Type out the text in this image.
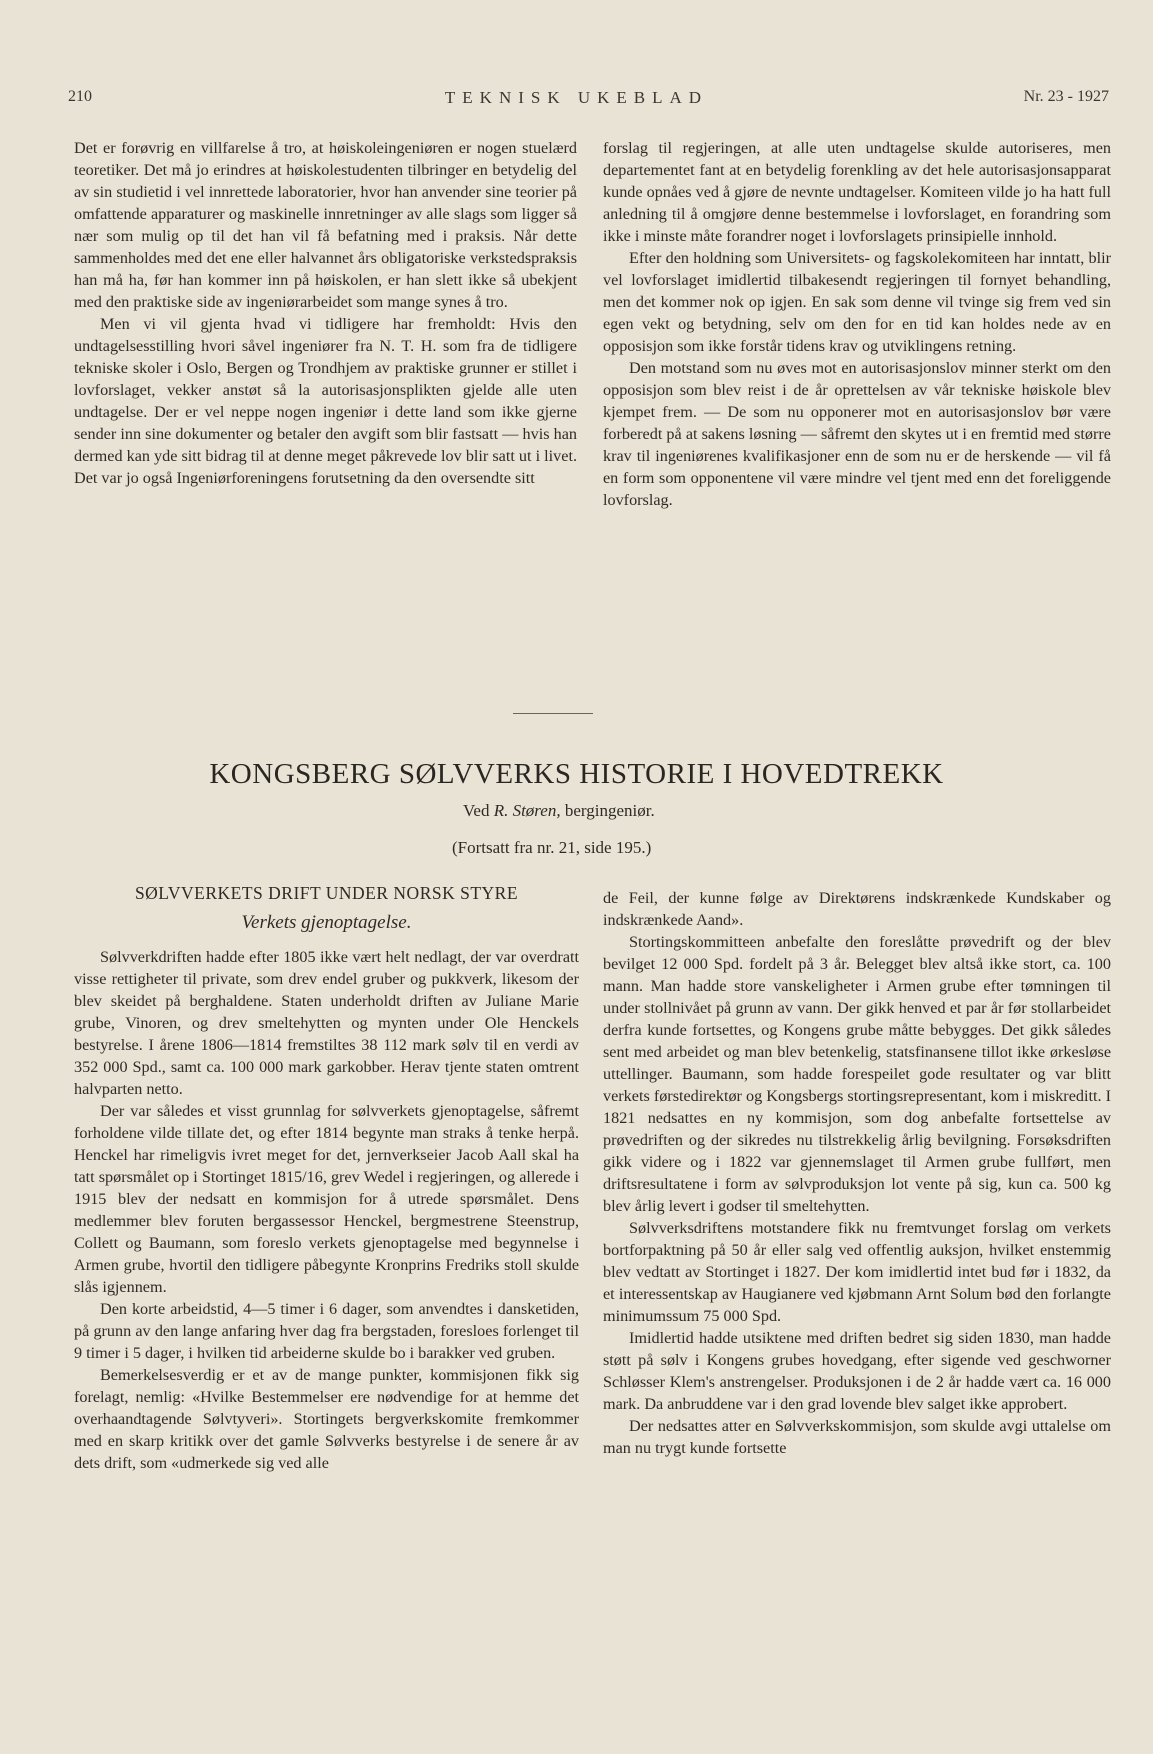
210	TEKNISK UKEBLAD	Nr. 23 - 1927

Det er forøvrig en villfarelse å tro, at høiskoleingeniøren er nogen stuelærd teoretiker. Det må jo erindres at høiskolestudenten tilbringer en betydelig del av sin studietid i vel innrettede laboratorier, hvor han anvender sine teorier på omfattende apparaturer og maskinelle innretninger av alle slags som ligger så nær som mulig op til det han vil få befatning med i praksis. Når dette sammenholdes med det ene eller halvannet års obligatoriske verkstedspraksis han må ha, før han kommer inn på høiskolen, er han slett ikke så ubekjent med den praktiske side av ingeniørarbeidet som mange synes å tro.

Men vi vil gjenta hvad vi tidligere har fremholdt: Hvis den undtagelsesstilling hvori såvel ingeniører fra N. T. H. som fra de tidligere tekniske skoler i Oslo, Bergen og Trondhjem av praktiske grunner er stillet i lovforslaget, vekker anstøt så la autorisasjonsplikten gjelde alle uten undtagelse. Der er vel neppe nogen ingeniør i dette land som ikke gjerne sender inn sine dokumenter og betaler den avgift som blir fastsatt — hvis han dermed kan yde sitt bidrag til at denne meget påkrevede lov blir satt ut i livet. Det var jo også Ingeniørforeningens forutsetning da den oversendte sitt

forslag til regjeringen, at alle uten undtagelse skulde autoriseres, men departementet fant at en betydelig forenkling av det hele autorisasjonsapparat kunde opnåes ved å gjøre de nevnte undtagelser. Komiteen vilde jo ha hatt full anledning til å omgjøre denne bestemmelse i lovforslaget, en forandring som ikke i minste måte forandrer noget i lovforslagets prinsipielle innhold.

Efter den holdning som Universitets- og fagskolekomiteen har inntatt, blir vel lovforslaget imidlertid tilbakesendt regjeringen til fornyet behandling, men det kommer nok op igjen. En sak som denne vil tvinge sig frem ved sin egen vekt og betydning, selv om den for en tid kan holdes nede av en opposisjon som ikke forstår tidens krav og utviklingens retning.

Den motstand som nu øves mot en autorisasjonslov minner sterkt om den opposisjon som blev reist i de år oprettelsen av vår tekniske høiskole blev kjempet frem. — De som nu opponerer mot en autorisasjonslov bør være forberedt på at sakens løsning — såfremt den skytes ut i en fremtid med større krav til ingeniørenes kvalifikasjoner enn de som nu er de herskende — vil få en form som opponentene vil være mindre vel tjent med enn det foreliggende lovforslag.

KONGSBERG SØLVVERKS HISTORIE I HOVEDTREKK
Ved R. Støren, bergingeniør.
(Fortsatt fra nr. 21, side 195.)
SØLVVERKETS DRIFT UNDER NORSK STYRE
Verkets gjenoptagelse.

Sølvverkdriften hadde efter 1805 ikke vært helt nedlagt, der var overdratt visse rettigheter til private, som drev endel gruber og pukkverk, likesom der blev skeidet på berghaldene. Staten underholdt driften av Juliane Marie grube, Vinoren, og drev smeltehytten og mynten under Ole Henckels bestyrelse. I årene 1806—1814 fremstiltes 38 112 mark sølv til en verdi av 352 000 Spd., samt ca. 100 000 mark garkobber. Herav tjente staten omtrent halvparten netto.

Der var således et visst grunnlag for sølvverkets gjenoptagelse, såfremt forholdene vilde tillate det, og efter 1814 begynte man straks å tenke herpå. Henckel har rimeligvis ivret meget for det, jernverkseier Jacob Aall skal ha tatt spørsmålet op i Stortinget 1815/16, grev Wedel i regjeringen, og allerede i 1915 blev der nedsatt en kommisjon for å utrede spørsmålet. Dens medlemmer blev foruten bergassessor Henckel, bergmestrene Steenstrup, Collett og Baumann, som foreslo verkets gjenoptagelse med begynnelse i Armen grube, hvortil den tidligere påbegynte Kronprins Fredriks stoll skulde slås igjennem.

Den korte arbeidstid, 4—5 timer i 6 dager, som anvendtes i dansketiden, på grunn av den lange anfaring hver dag fra bergstaden, foresloes forlenget til 9 timer i 5 dager, i hvilken tid arbeiderne skulde bo i barakker ved gruben.

Bemerkelsesverdig er et av de mange punkter, kommisjonen fikk sig forelagt, nemlig: «Hvilke Bestemmelser ere nødvendige for at hemme det overhaandtagende Sølvtyveri». Stortingets bergverkskomite fremkommer med en skarp kritikk over det gamle Sølvverks bestyrelse i de senere år av dets drift, som «udmerkede sig ved alle

de Feil, der kunne følge av Direktørens indskrænkede Kundskaber og indskrænkede Aand».

Stortingskommitteen anbefalte den foreslåtte prøvedrift og der blev bevilget 12 000 Spd. fordelt på 3 år. Belegget blev altså ikke stort, ca. 100 mann. Man hadde store vanskeligheter i Armen grube efter tømningen til under stollnivået på grunn av vann. Der gikk henved et par år før stollarbeidet derfra kunde fortsettes, og Kongens grube måtte bebygges. Det gikk således sent med arbeidet og man blev betenkelig, statsfinansene tillot ikke ørkesløse uttellinger. Baumann, som hadde forespeilet gode resultater og var blitt verkets førstedirektør og Kongsbergs stortingsrepresentant, kom i miskreditt. I 1821 nedsattes en ny kommisjon, som dog anbefalte fortsettelse av prøvedriften og der sikredes nu tilstrekkelig årlig bevilgning. Forsøksdriften gikk videre og i 1822 var gjennemslaget til Armen grube fullført, men driftsresultatene i form av sølvproduksjon lot vente på sig, kun ca. 500 kg blev årlig levert i godser til smeltehytten.

Sølvverksdriftens motstandere fikk nu fremtvunget forslag om verkets bortforpaktning på 50 år eller salg ved offentlig auksjon, hvilket enstemmig blev vedtatt av Stortinget i 1827. Der kom imidlertid intet bud før i 1832, da et interessentskap av Haugianere ved kjøbmann Arnt Solum bød den forlangte minimumssum 75 000 Spd.

Imidlertid hadde utsiktene med driften bedret sig siden 1830, man hadde støtt på sølv i Kongens grubes hovedgang, efter sigende ved geschworner Schløsser Klem's anstrengelser. Produksjonen i de 2 år hadde vært ca. 16 000 mark. Da anbruddene var i den grad lovende blev salget ikke approbert.

Der nedsattes atter en Sølvverkskommisjon, som skulde avgi uttalelse om man nu trygt kunde fortsette
